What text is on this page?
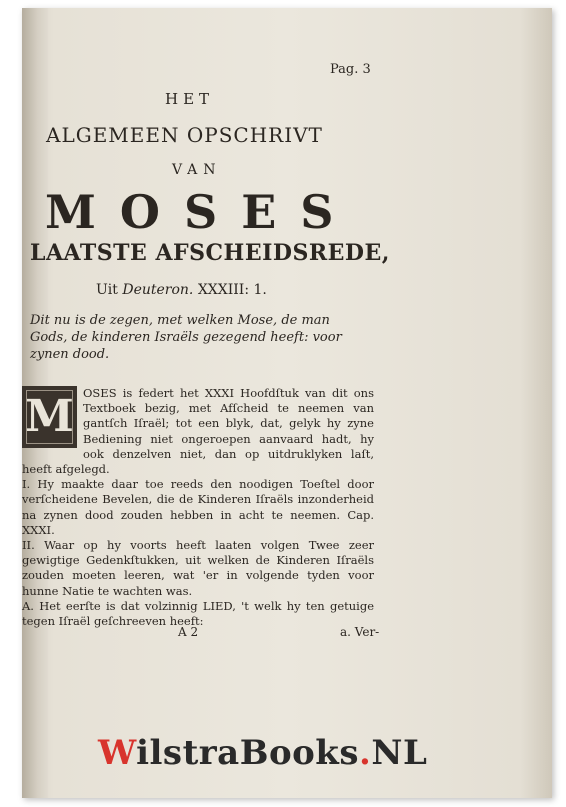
Pag. 3
HET
ALGEMEEN OPSCHRIVT
VAN
MOSES
LAATSTE AFSCHEIDSREDE,
Uit Deuteron. XXXIII: 1.
Dit nu is de zegen, met welken Mose, de man
Gods, de kinderen Israëls gezegend heeft: voor
zynen dood.
M OSES is federt het XXXI Hoofdſtuk van dit ons Textboek bezig, met Afſcheid te neemen van gantſch Iſraël; tot een blyk, dat, gelyk hy zyne Bediening niet ongeroepen aanvaard hadt, hy ook denzelven niet, dan op uitdruklyken laſt, heeft afgelegd.

I. Hy maakte daar toe reeds den noodigen Toeſtel door verſcheidene Bevelen, die de Kinderen Iſraëls inzonderheid na zynen dood zouden hebben in acht te neemen. Cap. XXXI.

II. Waar op hy voorts heeft laaten volgen Twee zeer gewigtige Gedenkſtukken, uit welken de Kinderen Iſraëls zouden moeten leeren, wat 'er in volgende tyden voor hunne Natie te wachten was.

A. Het eerſte is dat volzinnig LIED, 't welk hy ten getuige tegen Iſraël geſchreeven heeft:

A 2	a. Ver-
WilstraBooks.NL
